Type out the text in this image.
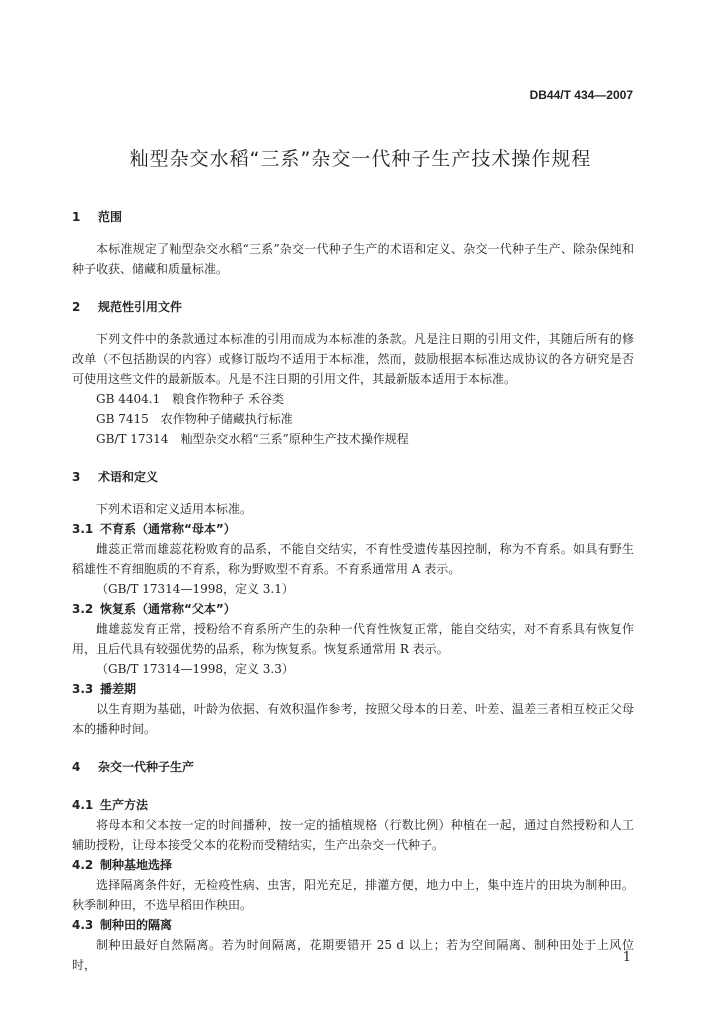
DB44/T 434—2007
籼型杂交水稻“三系”杂交一代种子生产技术操作规程
1 范围
本标准规定了籼型杂交水稻“三系”杂交一代种子生产的术语和定义、杂交一代种子生产、除杂保纯和种子收获、储藏和质量标准。
2 规范性引用文件
下列文件中的条款通过本标准的引用而成为本标准的条款。凡是注日期的引用文件，其随后所有的修改单（不包括勘误的内容）或修订版均不适用于本标准，然而，鼓励根据本标准达成协议的各方研究是否可使用这些文件的最新版本。凡是不注日期的引用文件，其最新版本适用于本标准。
GB 4404.1　粮食作物种子 禾谷类
GB 7415　农作物种子储藏执行标准
GB/T 17314　籼型杂交水稻“三系”原种生产技术操作规程
3 术语和定义
下列术语和定义适用本标准。
3.1 不育系（通常称“母本”）
雌蕊正常而雄蕊花粉败育的品系，不能自交结实，不育性受遗传基因控制，称为不育系。如具有野生稻雄性不育细胞质的不育系，称为野败型不育系。不育系通常用 A 表示。
（GB/T 17314—1998，定义 3.1）
3.2 恢复系（通常称“父本”）
雌雄蕊发育正常，授粉给不育系所产生的杂种一代育性恢复正常，能自交结实，对不育系具有恢复作用，且后代具有较强优势的品系，称为恢复系。恢复系通常用 R 表示。
（GB/T 17314—1998，定义 3.3）
3.3 播差期
以生育期为基础，叶龄为依据、有效积温作参考，按照父母本的日差、叶差、温差三者相互校正父母本的播种时间。
4 杂交一代种子生产
4.1 生产方法
将母本和父本按一定的时间播种，按一定的插植规格（行数比例）种植在一起，通过自然授粉和人工辅助授粉，让母本接受父本的花粉而受精结实，生产出杂交一代种子。
4.2 制种基地选择
选择隔离条件好，无检疫性病、虫害，阳光充足，排灌方便，地力中上，集中连片的田块为制种田。秋季制种田，不选早稻田作秧田。
4.3 制种田的隔离
制种田最好自然隔离。若为时间隔离，花期要错开 25 d 以上；若为空间隔离、制种田处于上风位时，	1
